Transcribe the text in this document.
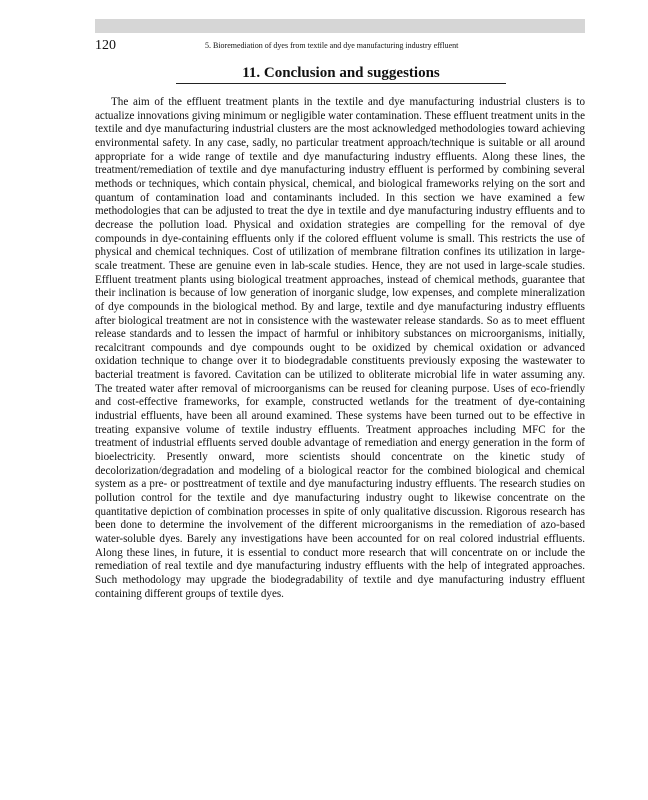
120	5. Bioremediation of dyes from textile and dye manufacturing industry effluent
11. Conclusion and suggestions

The aim of the effluent treatment plants in the textile and dye manufacturing industrial clusters is to actualize innovations giving minimum or negligible water contamination. These effluent treatment units in the textile and dye manufacturing industrial clusters are the most acknowledged methodologies toward achieving environmental safety. In any case, sadly, no particular treatment approach/technique is suitable or all around appropriate for a wide range of textile and dye manufacturing industry effluents. Along these lines, the treatment/remediation of textile and dye manufacturing industry effluent is performed by combining several methods or techniques, which contain physical, chemical, and biological frameworks relying on the sort and quantum of contamination load and contaminants included. In this section we have examined a few methodologies that can be adjusted to treat the dye in textile and dye manufacturing industry effluents and to decrease the pollution load. Physical and oxidation strategies are compelling for the removal of dye compounds in dye-containing effluents only if the colored effluent volume is small. This restricts the use of physical and chemical techniques. Cost of utilization of membrane filtration confines its utilization in large-scale treatment. These are genuine even in lab-scale studies. Hence, they are not used in large-scale studies. Effluent treatment plants using biological treatment approaches, instead of chemical methods, guarantee that their inclination is because of low generation of inorganic sludge, low expenses, and complete mineralization of dye compounds in the biological method. By and large, textile and dye manufacturing industry effluents after biological treatment are not in consistence with the wastewater release standards. So as to meet effluent release standards and to lessen the impact of harmful or inhibitory substances on microorganisms, initially, recalcitrant compounds and dye compounds ought to be oxidized by chemical oxidation or advanced oxidation technique to change over it to biodegradable constituents previously exposing the wastewater to bacterial treatment is favored. Cavitation can be utilized to obliterate microbial life in water assuming any. The treated water after removal of microorganisms can be reused for cleaning purpose. Uses of eco-friendly and cost-effective frameworks, for example, constructed wetlands for the treatment of dye-containing industrial effluents, have been all around examined. These systems have been turned out to be effective in treating expansive volume of textile industry effluents. Treatment approaches including MFC for the treatment of industrial effluents served double advantage of remediation and energy generation in the form of bioelectricity. Presently onward, more scientists should concentrate on the kinetic study of decolorization/degradation and modeling of a biological reactor for the combined biological and chemical system as a pre- or posttreatment of textile and dye manufacturing industry effluents. The research studies on pollution control for the textile and dye manufacturing industry ought to likewise concentrate on the quantitative depiction of combination processes in spite of only qualitative discussion. Rigorous research has been done to determine the involvement of the different microorganisms in the remediation of azo-based water-soluble dyes. Barely any investigations have been accounted for on real colored industrial effluents. Along these lines, in future, it is essential to conduct more research that will concentrate on or include the remediation of real textile and dye manufacturing industry effluents with the help of integrated approaches. Such methodology may upgrade the biodegradability of textile and dye manufacturing industry effluent containing different groups of textile dyes.
